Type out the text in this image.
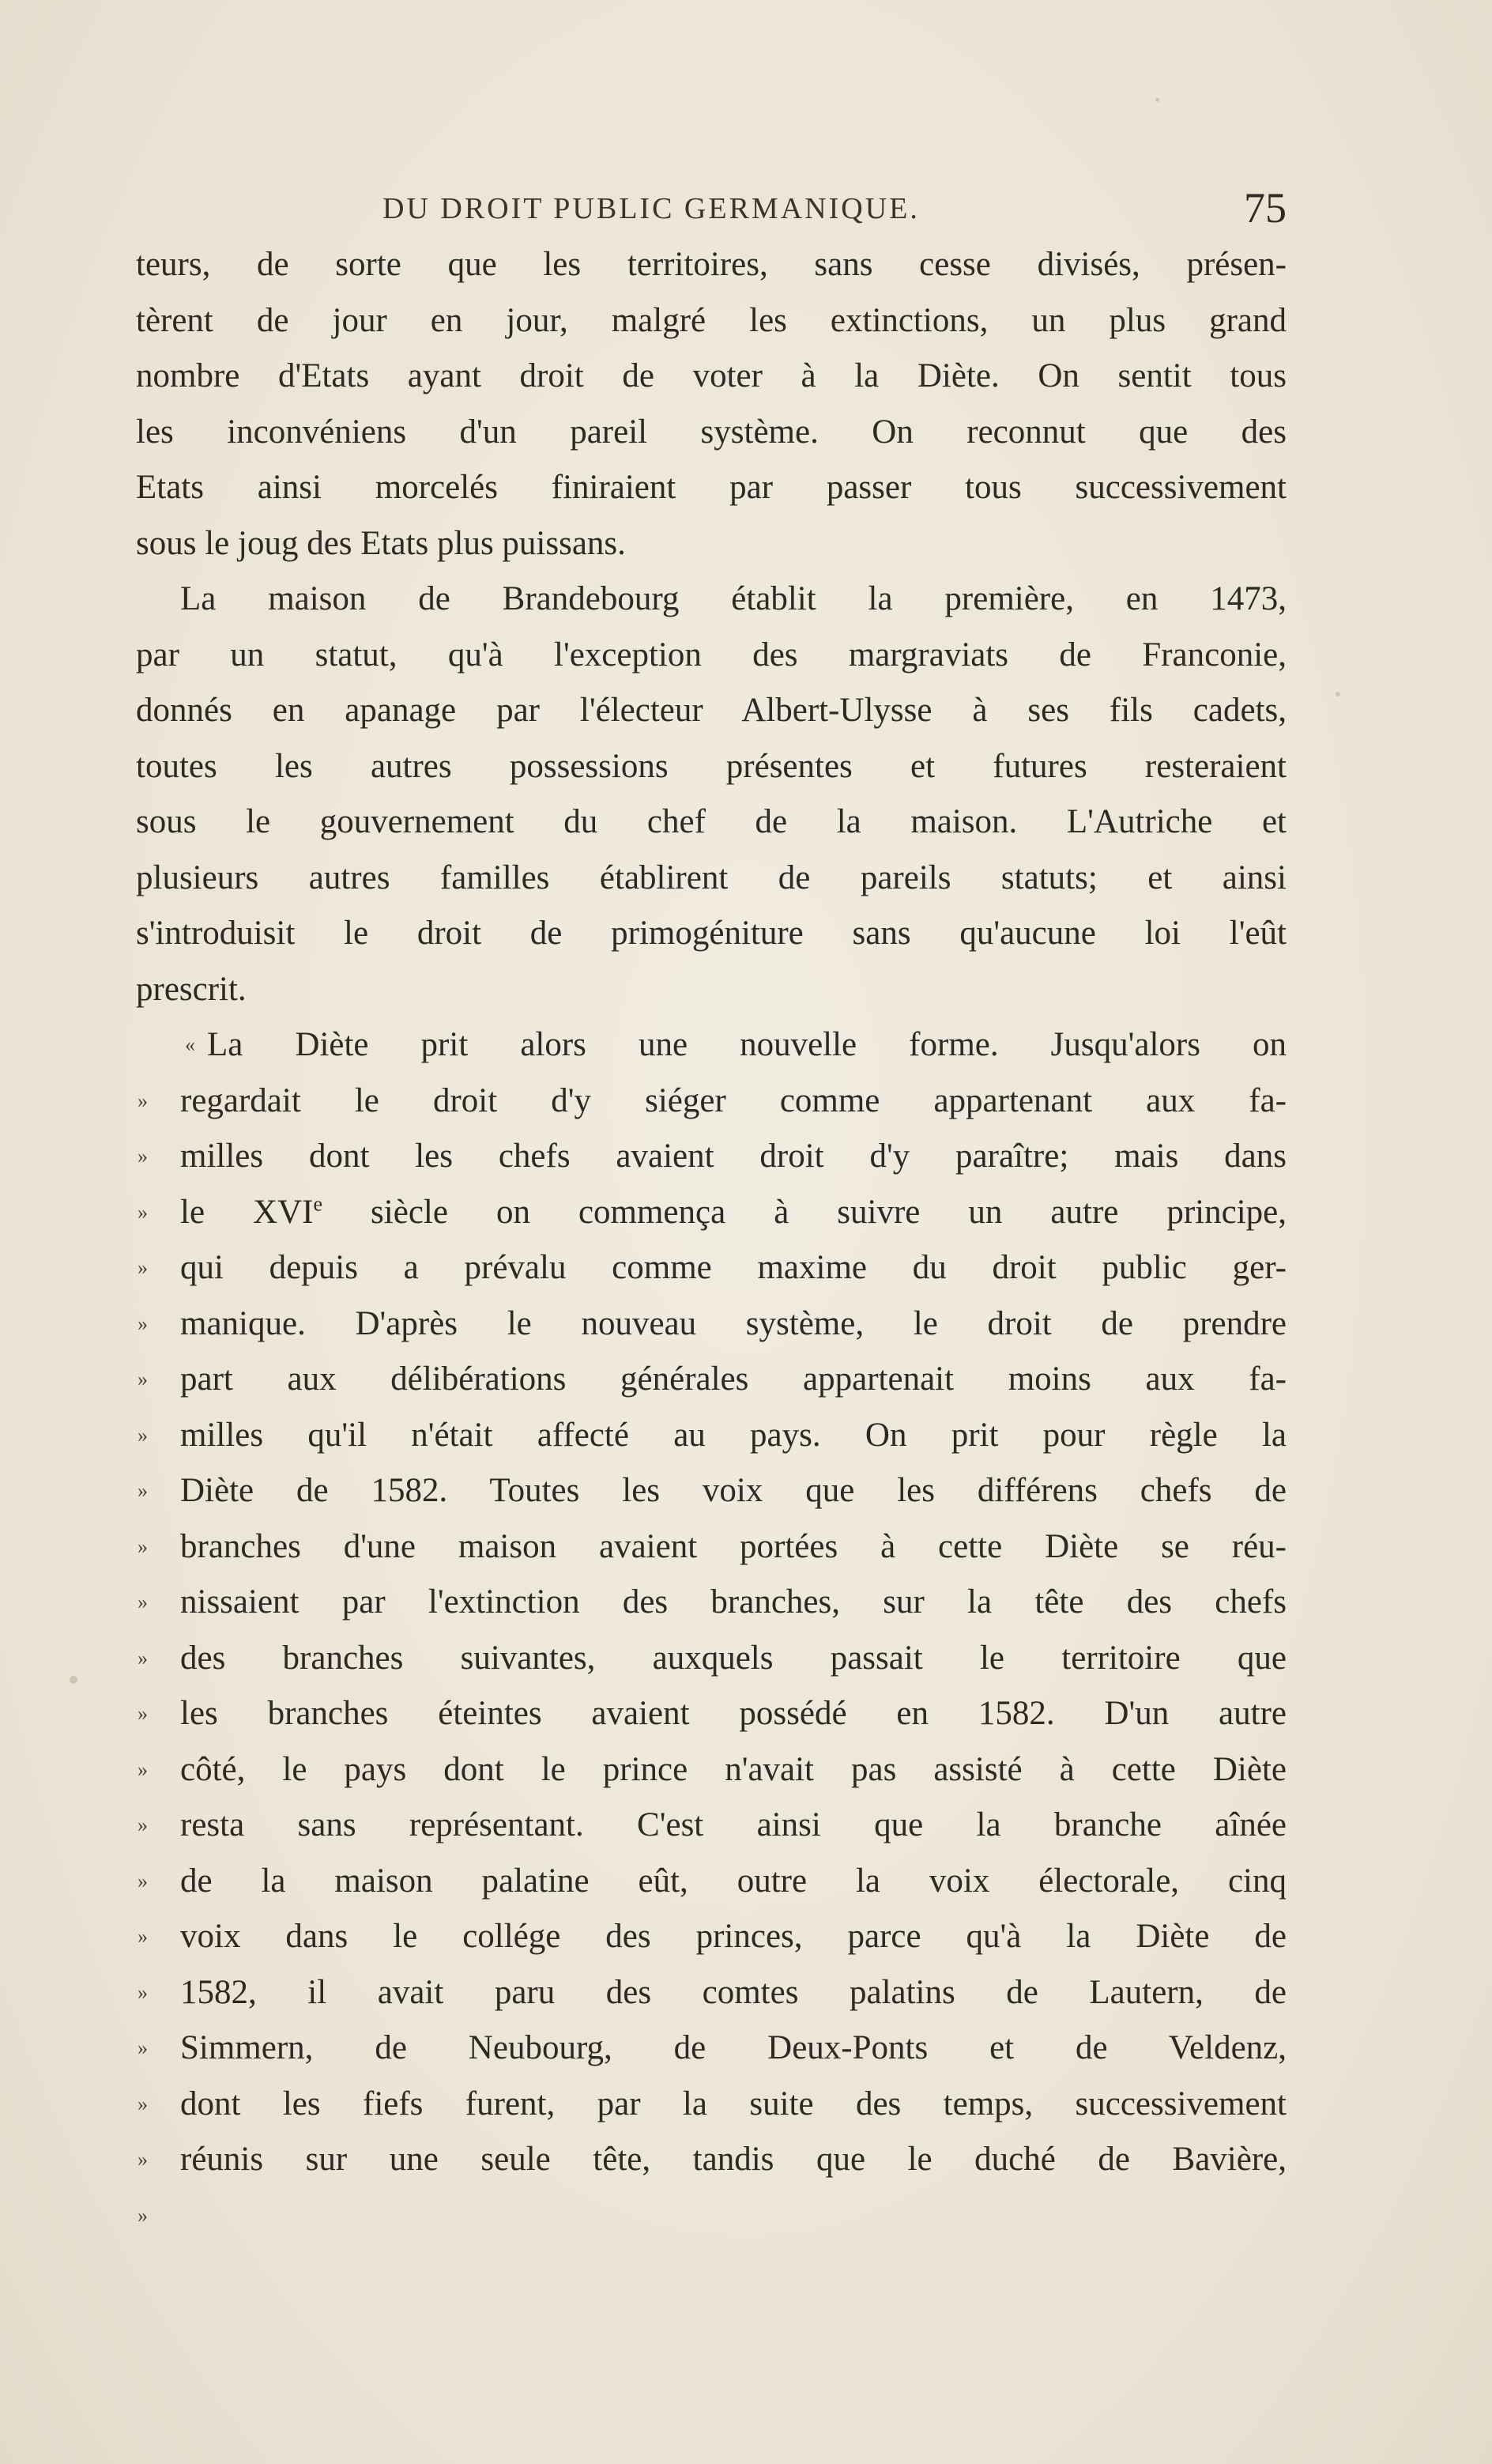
DU DROIT PUBLIC GERMANIQUE.	75
teurs, de sorte que les territoires, sans cesse divisés, présen-
tèrent de jour en jour, malgré les extinctions, un plus grand
nombre d'Etats ayant droit de voter à la Diète. On sentit tous
les inconvéniens d'un pareil système. On reconnut que des
Etats ainsi morcelés finiraient par passer tous successivement
sous le joug des Etats plus puissans.
La maison de Brandebourg établit la première, en 1473,
par un statut, qu'à l'exception des margraviats de Franconie,
donnés en apanage par l'électeur Albert-Ulysse à ses fils cadets,
toutes les autres possessions présentes et futures resteraient
sous le gouvernement du chef de la maison. L'Autriche et
plusieurs autres familles établirent de pareils statuts; et ainsi
s'introduisit le droit de primogéniture sans qu'aucune loi l'eût
prescrit.
« La Diète prit alors une nouvelle forme. Jusqu'alors on
» regardait le droit d'y siéger comme appartenant aux fa-
» milles dont les chefs avaient droit d'y paraître; mais dans
» le XVIe siècle on commença à suivre un autre principe,
» qui depuis a prévalu comme maxime du droit public ger-
» manique. D'après le nouveau système, le droit de prendre
» part aux délibérations générales appartenait moins aux fa-
» milles qu'il n'était affecté au pays. On prit pour règle la
» Diète de 1582. Toutes les voix que les différens chefs de
» branches d'une maison avaient portées à cette Diète se réu-
» nissaient par l'extinction des branches, sur la tête des chefs
» des branches suivantes, auxquels passait le territoire que
» les branches éteintes avaient possédé en 1582. D'un autre
» côté, le pays dont le prince n'avait pas assisté à cette Diète
» resta sans représentant. C'est ainsi que la branche aînée
» de la maison palatine eût, outre la voix électorale, cinq
» voix dans le collége des princes, parce qu'à la Diète de
» 1582, il avait paru des comtes palatins de Lautern, de
» Simmern, de Neubourg, de Deux-Ponts et de Veldenz,
» dont les fiefs furent, par la suite des temps, successivement
» réunis sur une seule tête, tandis que le duché de Bavière,
»
